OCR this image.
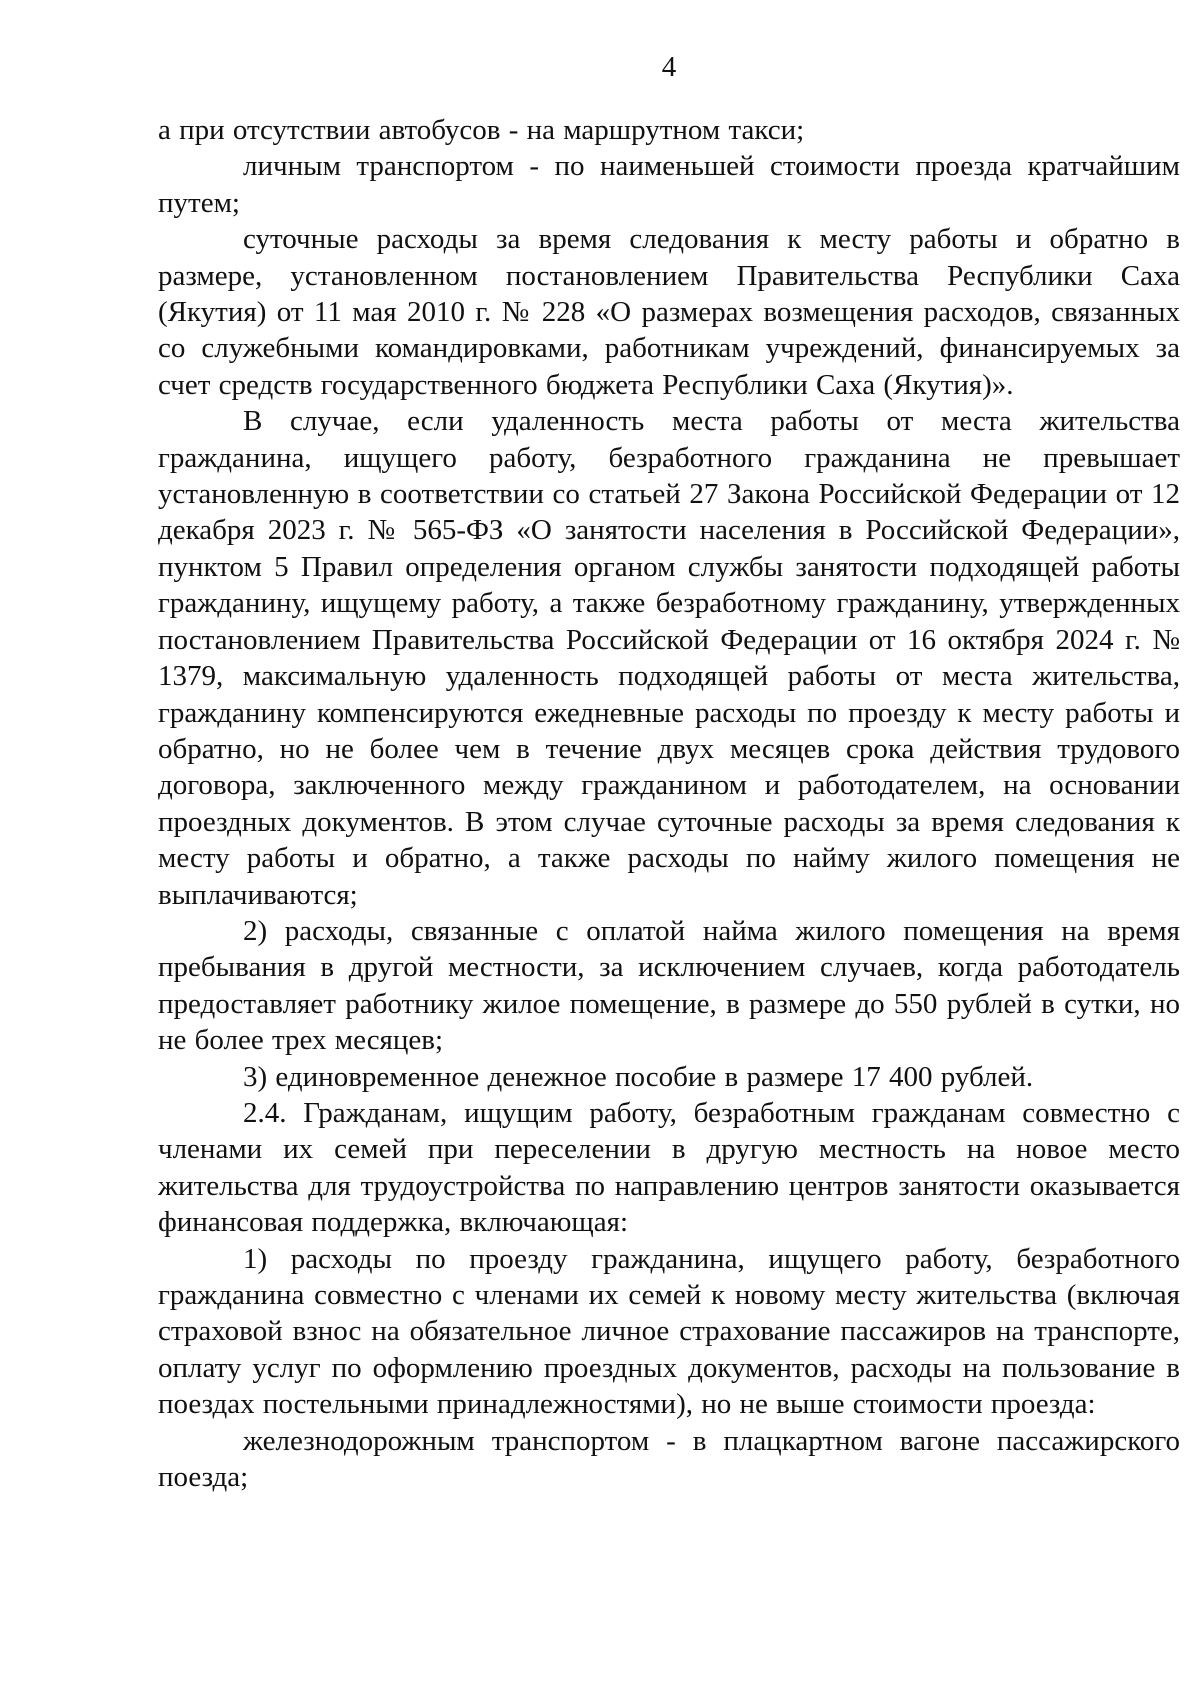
4

а при отсутствии автобусов - на маршрутном такси;

личным транспортом - по наименьшей стоимости проезда кратчайшим путем;

суточные расходы за время следования к месту работы и обратно в размере, установленном постановлением Правительства Республики Саха (Якутия) от 11 мая 2010 г. № 228 «О размерах возмещения расходов, связанных со служебными командировками, работникам учреждений, финансируемых за счет средств государственного бюджета Республики Саха (Якутия)».

В случае, если удаленность места работы от места жительства гражданина, ищущего работу, безработного гражданина не превышает установленную в соответствии со статьей 27 Закона Российской Федерации от 12 декабря 2023 г. № 565-ФЗ «О занятости населения в Российской Федерации», пунктом 5 Правил определения органом службы занятости подходящей работы гражданину, ищущему работу, а также безработному гражданину, утвержденных постановлением Правительства Российской Федерации от 16 октября 2024 г. № 1379, максимальную удаленность подходящей работы от места жительства, гражданину компенсируются ежедневные расходы по проезду к месту работы и обратно, но не более чем в течение двух месяцев срока действия трудового договора, заключенного между гражданином и работодателем, на основании проездных документов. В этом случае суточные расходы за время следования к месту работы и обратно, а также расходы по найму жилого помещения не выплачиваются;

2) расходы, связанные с оплатой найма жилого помещения на время пребывания в другой местности, за исключением случаев, когда работодатель предоставляет работнику жилое помещение, в размере до 550 рублей в сутки, но не более трех месяцев;

3) единовременное денежное пособие в размере 17 400 рублей.

2.4. Гражданам, ищущим работу, безработным гражданам совместно с членами их семей при переселении в другую местность на новое место жительства для трудоустройства по направлению центров занятости оказывается финансовая поддержка, включающая:

1) расходы по проезду гражданина, ищущего работу, безработного гражданина совместно с членами их семей к новому месту жительства (включая страховой взнос на обязательное личное страхование пассажиров на транспорте, оплату услуг по оформлению проездных документов, расходы на пользование в поездах постельными принадлежностями), но не выше стоимости проезда:

железнодорожным транспортом - в плацкартном вагоне пассажирского поезда;
